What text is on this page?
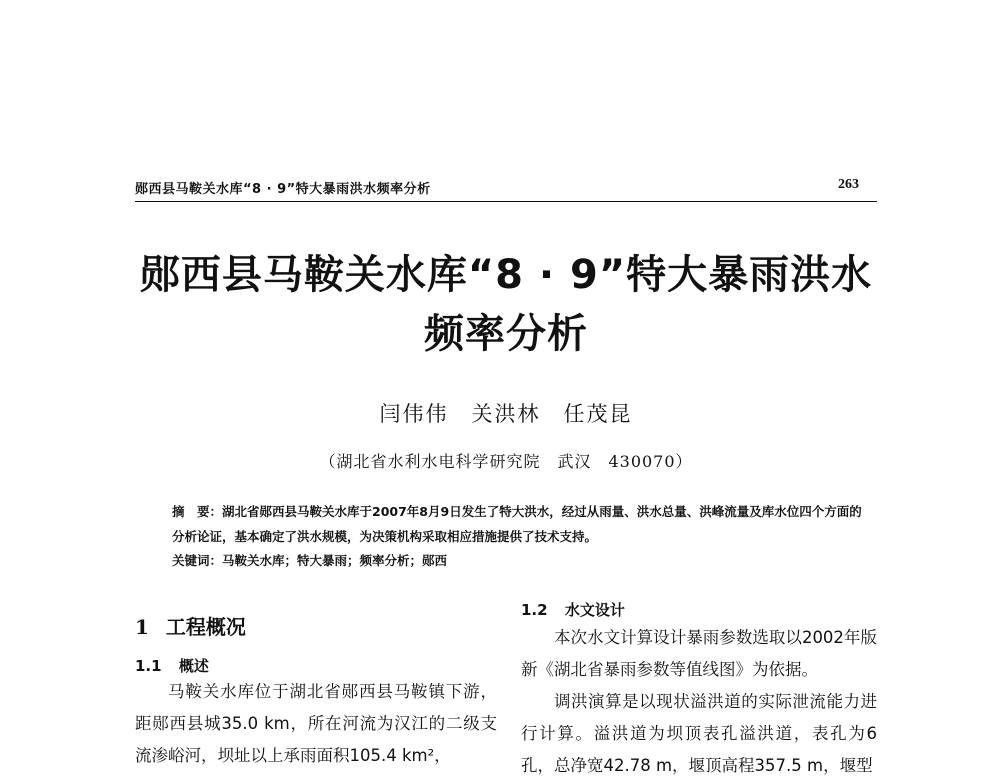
郧西县马鞍关水库“8 · 9”特大暴雨洪水频率分析	263
郧西县马鞍关水库“8 · 9”特大暴雨洪水
频率分析
闫伟伟　关洪林　任茂昆
（湖北省水利水电科学研究院　武汉　430070）
摘　要：湖北省郧西县马鞍关水库于2007年8月9日发生了特大洪水，经过从雨量、洪水总量、洪峰流量及库水位四个方面的分析论证，基本确定了洪水规模，为决策机构采取相应措施提供了技术支持。
关键词：马鞍关水库；特大暴雨；频率分析；郧西
1 工程概况
1.1 概述
马鞍关水库位于湖北省郧西县马鞍镇下游，距郧西县城35.0 km，所在河流为汉江的二级支流渗峪河，坝址以上承雨面积105.4 km²，
1.2 水文设计
本次水文计算设计暴雨参数选取以2002年版新《湖北省暴雨参数等值线图》为依据。
调洪演算是以现状溢洪道的实际泄流能力进行计算。溢洪道为坝顶表孔溢洪道，表孔为6孔，总净宽42.78 m，堰顶高程357.5 m，堰型
